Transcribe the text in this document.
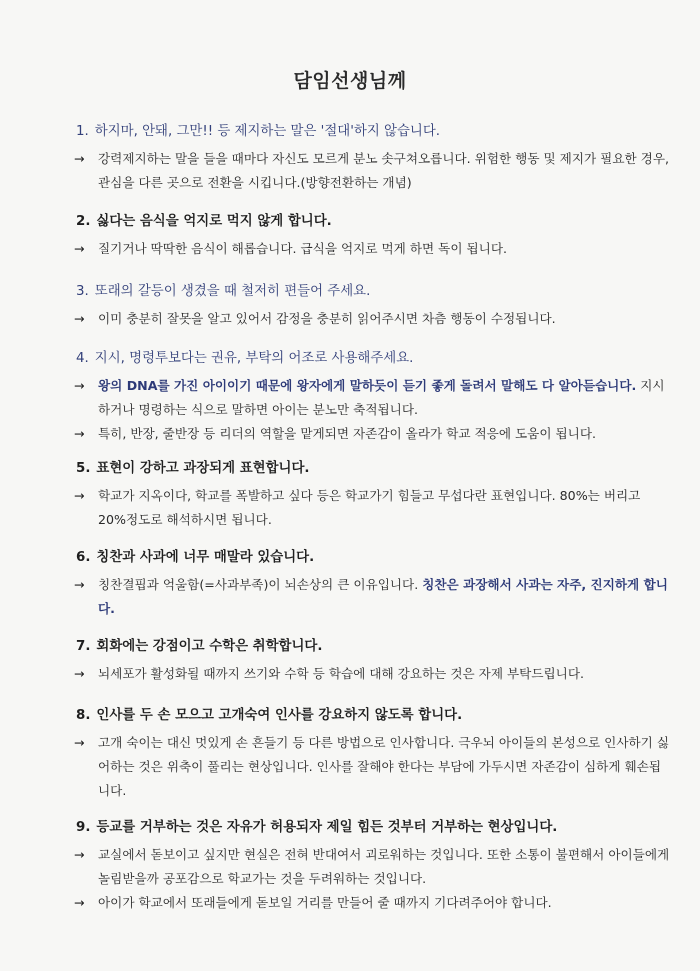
담임선생님께
1. 하지마, 안돼, 그만!! 등 제지하는 말은 '절대'하지 않습니다.

→ 강력제지하는 말을 들을 때마다 자신도 모르게 분노 솟구쳐오릅니다. 위험한 행동 및 제지가 필요한 경우, 관심을 다른 곳으로 전환을 시킵니다.(방향전환하는 개념)

2. 싫다는 음식을 억지로 먹지 않게 합니다.

→ 질기거나 딱딱한 음식이 해롭습니다. 급식을 억지로 먹게 하면 독이 됩니다.

3. 또래의 갈등이 생겼을 때 철저히 편들어 주세요.

→ 이미 충분히 잘못을 알고 있어서 감정을 충분히 읽어주시면 차츰 행동이 수정됩니다.

4. 지시, 명령투보다는 권유, 부탁의 어조로 사용해주세요.

→ 왕의 DNA를 가진 아이이기 때문에 왕자에게 말하듯이 듣기 좋게 돌려서 말해도 다 알아듣습니다. 지시하거나 명령하는 식으로 말하면 아이는 분노만 축적됩니다.

→ 특히, 반장, 줄반장 등 리더의 역할을 맡게되면 자존감이 올라가 학교 적응에 도움이 됩니다.

5. 표현이 강하고 과장되게 표현합니다.

→ 학교가 지옥이다, 학교를 폭발하고 싶다 등은 학교가기 힘들고 무섭다란 표현입니다. 80%는 버리고 20%정도로 해석하시면 됩니다.

6. 칭찬과 사과에 너무 매말라 있습니다.

→ 칭찬결핍과 억울함(=사과부족)이 뇌손상의 큰 이유입니다. 칭찬은 과장해서 사과는 자주, 진지하게 합니다.

7. 회화에는 강점이고 수학은 취학합니다.

→ 뇌세포가 활성화될 때까지 쓰기와 수학 등 학습에 대해 강요하는 것은 자제 부탁드립니다.

8. 인사를 두 손 모으고 고개숙여 인사를 강요하지 않도록 합니다.

→ 고개 숙이는 대신 멋있게 손 흔들기 등 다른 방법으로 인사합니다. 극우뇌 아이들의 본성으로 인사하기 싫어하는 것은 위축이 풀리는 현상입니다. 인사를 잘해야 한다는 부담에 가두시면 자존감이 심하게 훼손됩니다.

9. 등교를 거부하는 것은 자유가 허용되자 제일 힘든 것부터 거부하는 현상입니다.

→ 교실에서 돋보이고 싶지만 현실은 전혀 반대여서 괴로워하는 것입니다. 또한 소통이 불편해서 아이들에게 놀림받을까 공포감으로 학교가는 것을 두려워하는 것입니다.

→ 아이가 학교에서 또래들에게 돋보일 거리를 만들어 줄 때까지 기다려주어야 합니다.
